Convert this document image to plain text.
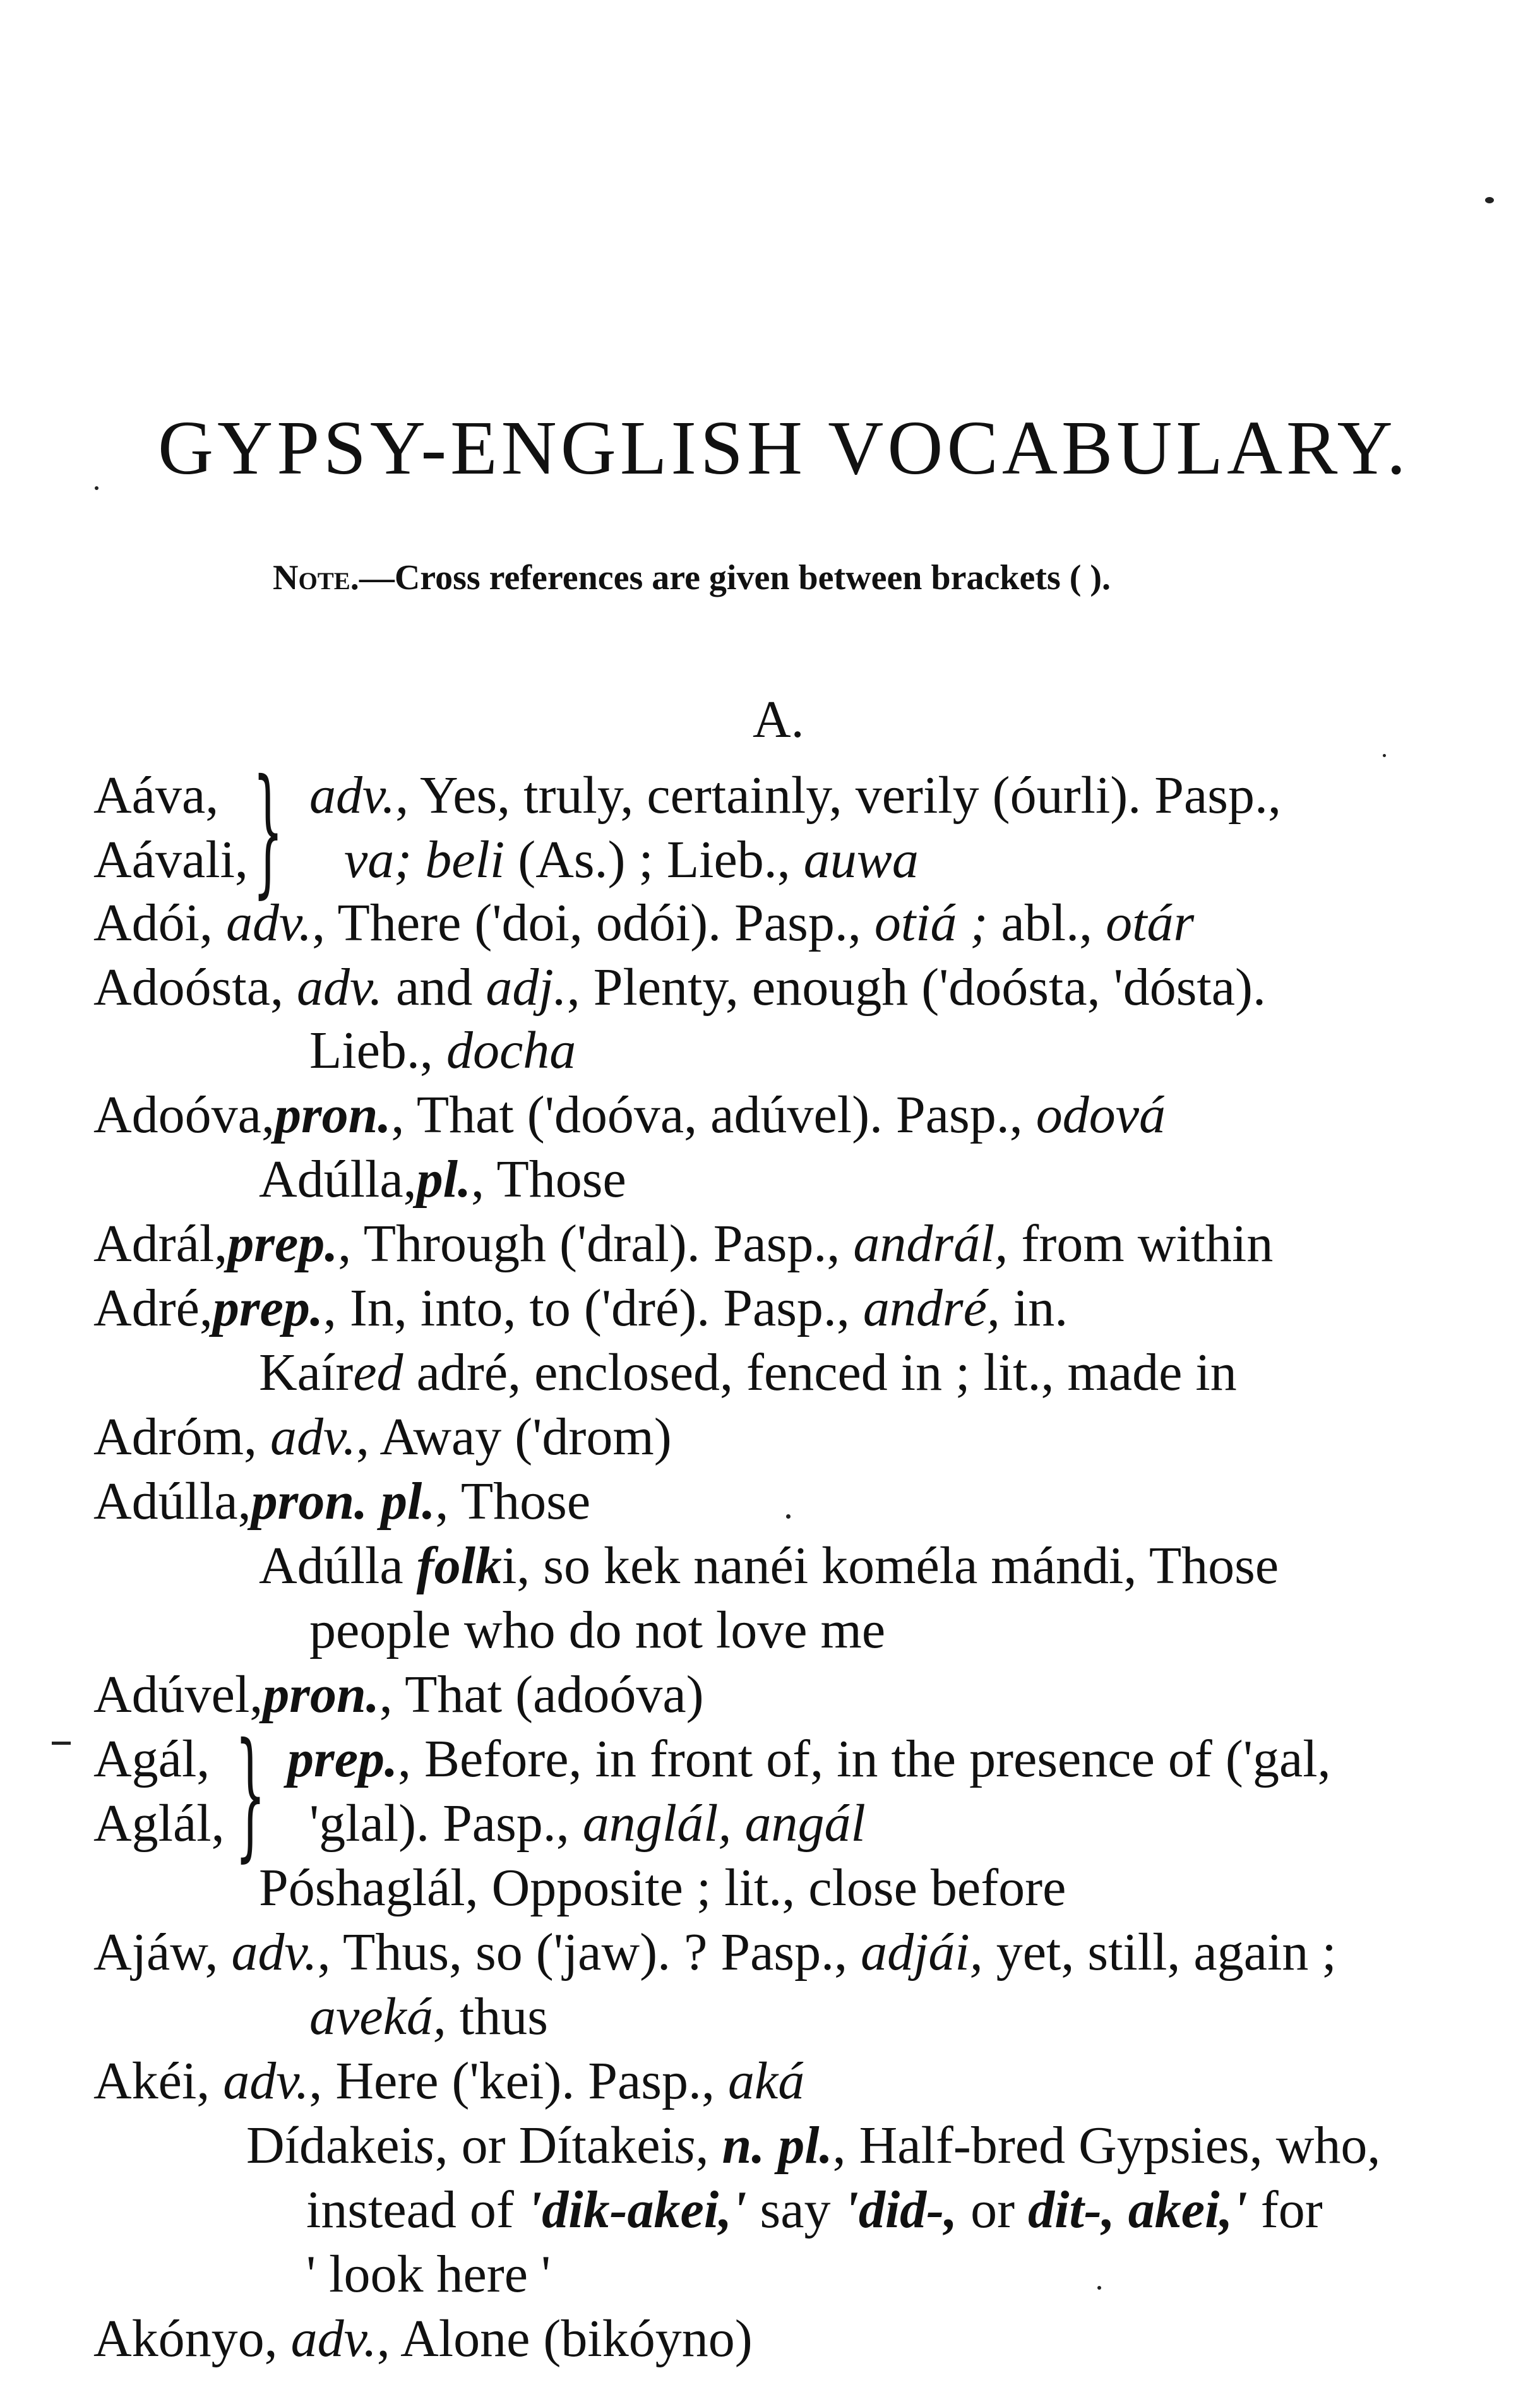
GYPSY-ENGLISH VOCABULARY.
Note.—Cross references are given between brackets ( ).
A.
Aáva,
Aávali, } adv., Yes, truly, certainly, verily (óurli). Pasp.,
va; beli (As.) ; Lieb., auwa
Adói, adv., There ('doi, odói). Pasp., otiá ; abl., otár
Adoósta, adv. and adj., Plenty, enough ('doósta, 'dósta).
Lieb., docha
Adoóva,pron., That ('doóva, adúvel). Pasp., odová
Adúlla,pl., Those
Adrál,prep., Through ('dral). Pasp., andrál, from within
Adré,prep., In, into, to ('dré). Pasp., andré, in.
Kaíred adré, enclosed, fenced in ; lit., made in
Adróm, adv., Away ('drom)
Adúlla,pron. pl., Those
Adúlla folki, so kek nanéi koméla mándi, Those
people who do not love me
Adúvel,pron., That (adoóva)
Agál,
Aglál, } prep., Before, in front of, in the presence of ('gal,
'glal). Pasp., anglál, angál
Póshaglál, Opposite ; lit., close before
Ajáw, adv., Thus, so ('jaw). ? Pasp., adjái, yet, still, again ;
aveká, thus
Akéi, adv., Here ('kei). Pasp., aká
Dídakeis, or Dítakeis, n. pl., Half-bred Gypsies, who,
instead of 'dik-akei,' say 'did-, or dit-, akei,' for
' look here '
Akónyo, adv., Alone (bikóyno)
